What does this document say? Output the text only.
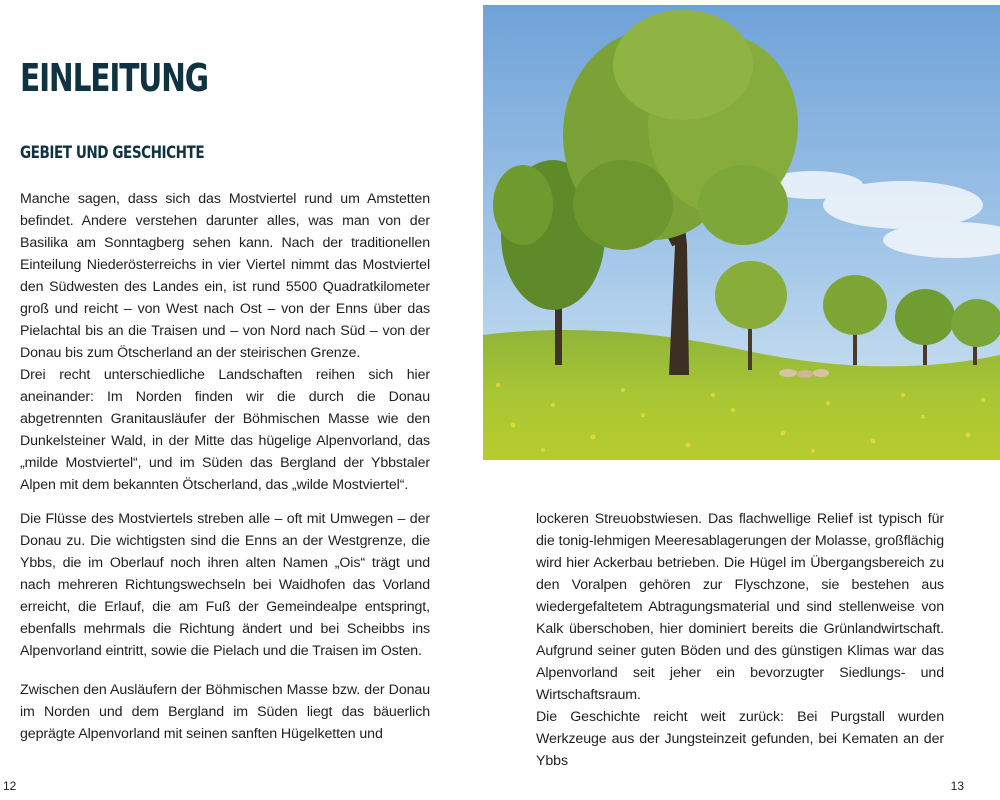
EINLEITUNG
GEBIET UND GESCHICHTE

Manche sagen, dass sich das Mostviertel rund um Amstetten befindet. Andere verstehen darunter alles, was man von der Basilika am Sonntagberg sehen kann. Nach der traditionellen Einteilung Niederösterreichs in vier Viertel nimmt das Mostviertel den Südwesten des Landes ein, ist rund 5500 Quadratkilometer groß und reicht – von West nach Ost – von der Enns über das Pielachtal bis an die Traisen und – von Nord nach Süd – von der Donau bis zum Ötscherland an der steirischen Grenze.

Drei recht unterschiedliche Landschaften reihen sich hier aneinander: Im Norden finden wir die durch die Donau abgetrennten Granitausläufer der Böhmischen Masse wie den Dunkelsteiner Wald, in der Mitte das hügelige Alpenvorland, das „milde Mostviertel“, und im Süden das Bergland der Ybbstaler Alpen mit dem bekannten Ötscherland, das „wilde Mostviertel“.

Die Flüsse des Mostviertels streben alle – oft mit Umwegen – der Donau zu. Die wichtigsten sind die Enns an der Westgrenze, die Ybbs, die im Oberlauf noch ihren alten Namen „Ois“ trägt und nach mehreren Richtungswechseln bei Waidhofen das Vorland erreicht, die Erlauf, die am Fuß der Gemeindealpe entspringt, ebenfalls mehrmals die Richtung ändert und bei Scheibbs ins Alpenvorland eintritt, sowie die Pielach und die Traisen im Osten.

Zwischen den Ausläufern der Böhmischen Masse bzw. der Donau im Norden und dem Bergland im Süden liegt das bäuerlich geprägte Alpenvorland mit seinen sanften Hügelketten und

12

lockeren Streuobstwiesen. Das flachwellige Relief ist typisch für die tonig-lehmigen Meeresablagerungen der Molasse, großflächig wird hier Ackerbau betrieben. Die Hügel im Übergangsbereich zu den Voralpen gehören zur Flyschzone, sie bestehen aus wiedergefaltetem Abtragungsmaterial und sind stellenweise von Kalk überschoben, hier dominiert bereits die Grünlandwirtschaft. Aufgrund seiner guten Böden und des günstigen Klimas war das Alpenvorland seit jeher ein bevorzugter Siedlungs- und Wirtschaftsraum.

Die Geschichte reicht weit zurück: Bei Purgstall wurden Werkzeuge aus der Jungsteinzeit gefunden, bei Kematen an der Ybbs

13
